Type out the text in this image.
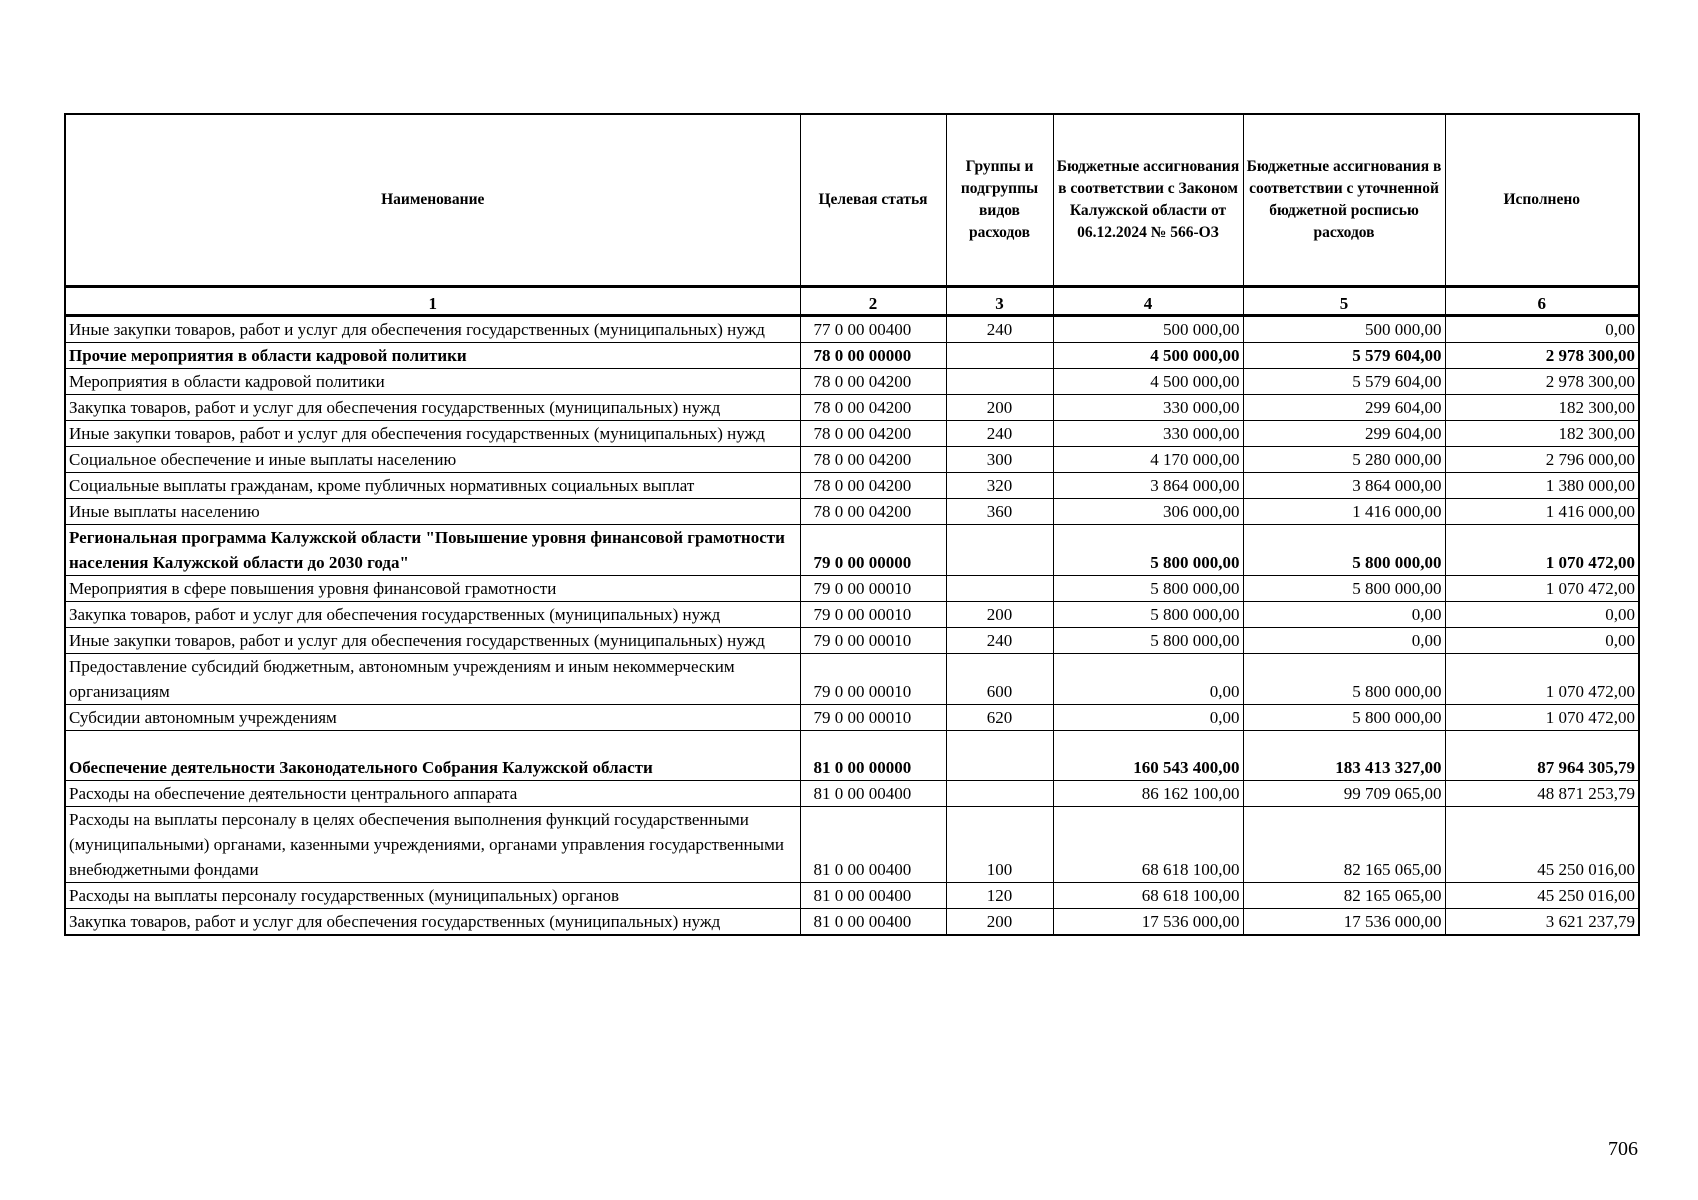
Наименование	Целевая статья	Группы и подгруппы видов расходов	Бюджетные ассигнования в соответствии с Законом Калужской области от 06.12.2024 № 566-ОЗ	Бюджетные ассигнования в соответствии с уточненной бюджетной росписью расходов	Исполнено
1	2	3	4	5	6
Иные закупки товаров, работ и услуг для обеспечения государственных (муниципальных) нужд	77 0 00 00400	240	500 000,00	500 000,00	0,00
Прочие мероприятия в области кадровой политики	78 0 00 00000		4 500 000,00	5 579 604,00	2 978 300,00
Мероприятия в области кадровой политики	78 0 00 04200		4 500 000,00	5 579 604,00	2 978 300,00
Закупка товаров, работ и услуг для обеспечения государственных (муниципальных) нужд	78 0 00 04200	200	330 000,00	299 604,00	182 300,00
Иные закупки товаров, работ и услуг для обеспечения государственных (муниципальных) нужд	78 0 00 04200	240	330 000,00	299 604,00	182 300,00
Социальное обеспечение и иные выплаты населению	78 0 00 04200	300	4 170 000,00	5 280 000,00	2 796 000,00
Социальные выплаты гражданам, кроме публичных нормативных социальных выплат	78 0 00 04200	320	3 864 000,00	3 864 000,00	1 380 000,00
Иные выплаты населению	78 0 00 04200	360	306 000,00	1 416 000,00	1 416 000,00
Региональная программа Калужской области "Повышение уровня финансовой грамотности населения Калужской области до 2030 года"	79 0 00 00000		5 800 000,00	5 800 000,00	1 070 472,00
Мероприятия в сфере повышения уровня финансовой грамотности	79 0 00 00010		5 800 000,00	5 800 000,00	1 070 472,00
Закупка товаров, работ и услуг для обеспечения государственных (муниципальных) нужд	79 0 00 00010	200	5 800 000,00	0,00	0,00
Иные закупки товаров, работ и услуг для обеспечения государственных (муниципальных) нужд	79 0 00 00010	240	5 800 000,00	0,00	0,00
Предоставление субсидий бюджетным, автономным учреждениям и иным некоммерческим организациям	79 0 00 00010	600	0,00	5 800 000,00	1 070 472,00
Субсидии автономным учреждениям	79 0 00 00010	620	0,00	5 800 000,00	1 070 472,00
Обеспечение деятельности Законодательного Собрания Калужской области	81 0 00 00000		160 543 400,00	183 413 327,00	87 964 305,79
Расходы на обеспечение деятельности центрального аппарата	81 0 00 00400		86 162 100,00	99 709 065,00	48 871 253,79
Расходы на выплаты персоналу в целях обеспечения выполнения функций государственными (муниципальными) органами, казенными учреждениями, органами управления государственными внебюджетными фондами	81 0 00 00400	100	68 618 100,00	82 165 065,00	45 250 016,00
Расходы на выплаты персоналу государственных (муниципальных) органов	81 0 00 00400	120	68 618 100,00	82 165 065,00	45 250 016,00
Закупка товаров, работ и услуг для обеспечения государственных (муниципальных) нужд	81 0 00 00400	200	17 536 000,00	17 536 000,00	3 621 237,79
706
